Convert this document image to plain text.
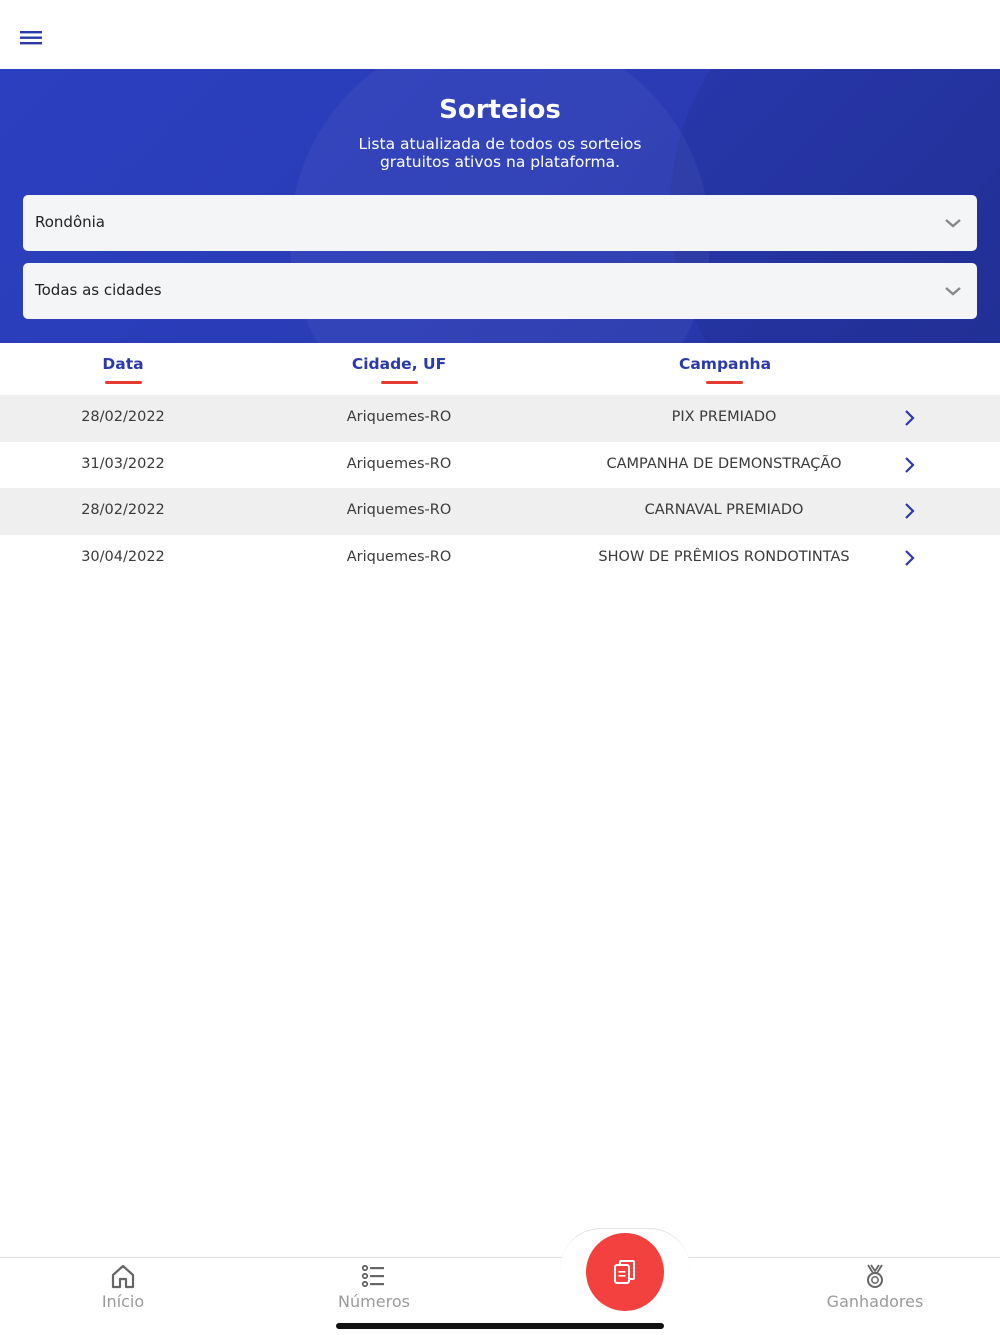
Sorteios
Lista atualizada de todos os sorteios
gratuitos ativos na plataforma.
Rondônia
Todas as cidades
Data	Cidade, UF	Campanha
28/02/2022	Ariquemes-RO	PIX PREMIADO
31/03/2022	Ariquemes-RO	CAMPANHA DE DEMONSTRAÇÃO
28/02/2022	Ariquemes-RO	CARNAVAL PREMIADO
30/04/2022	Ariquemes-RO	SHOW DE PRÊMIOS RONDOTINTAS
Início	Números	Ganhadores
